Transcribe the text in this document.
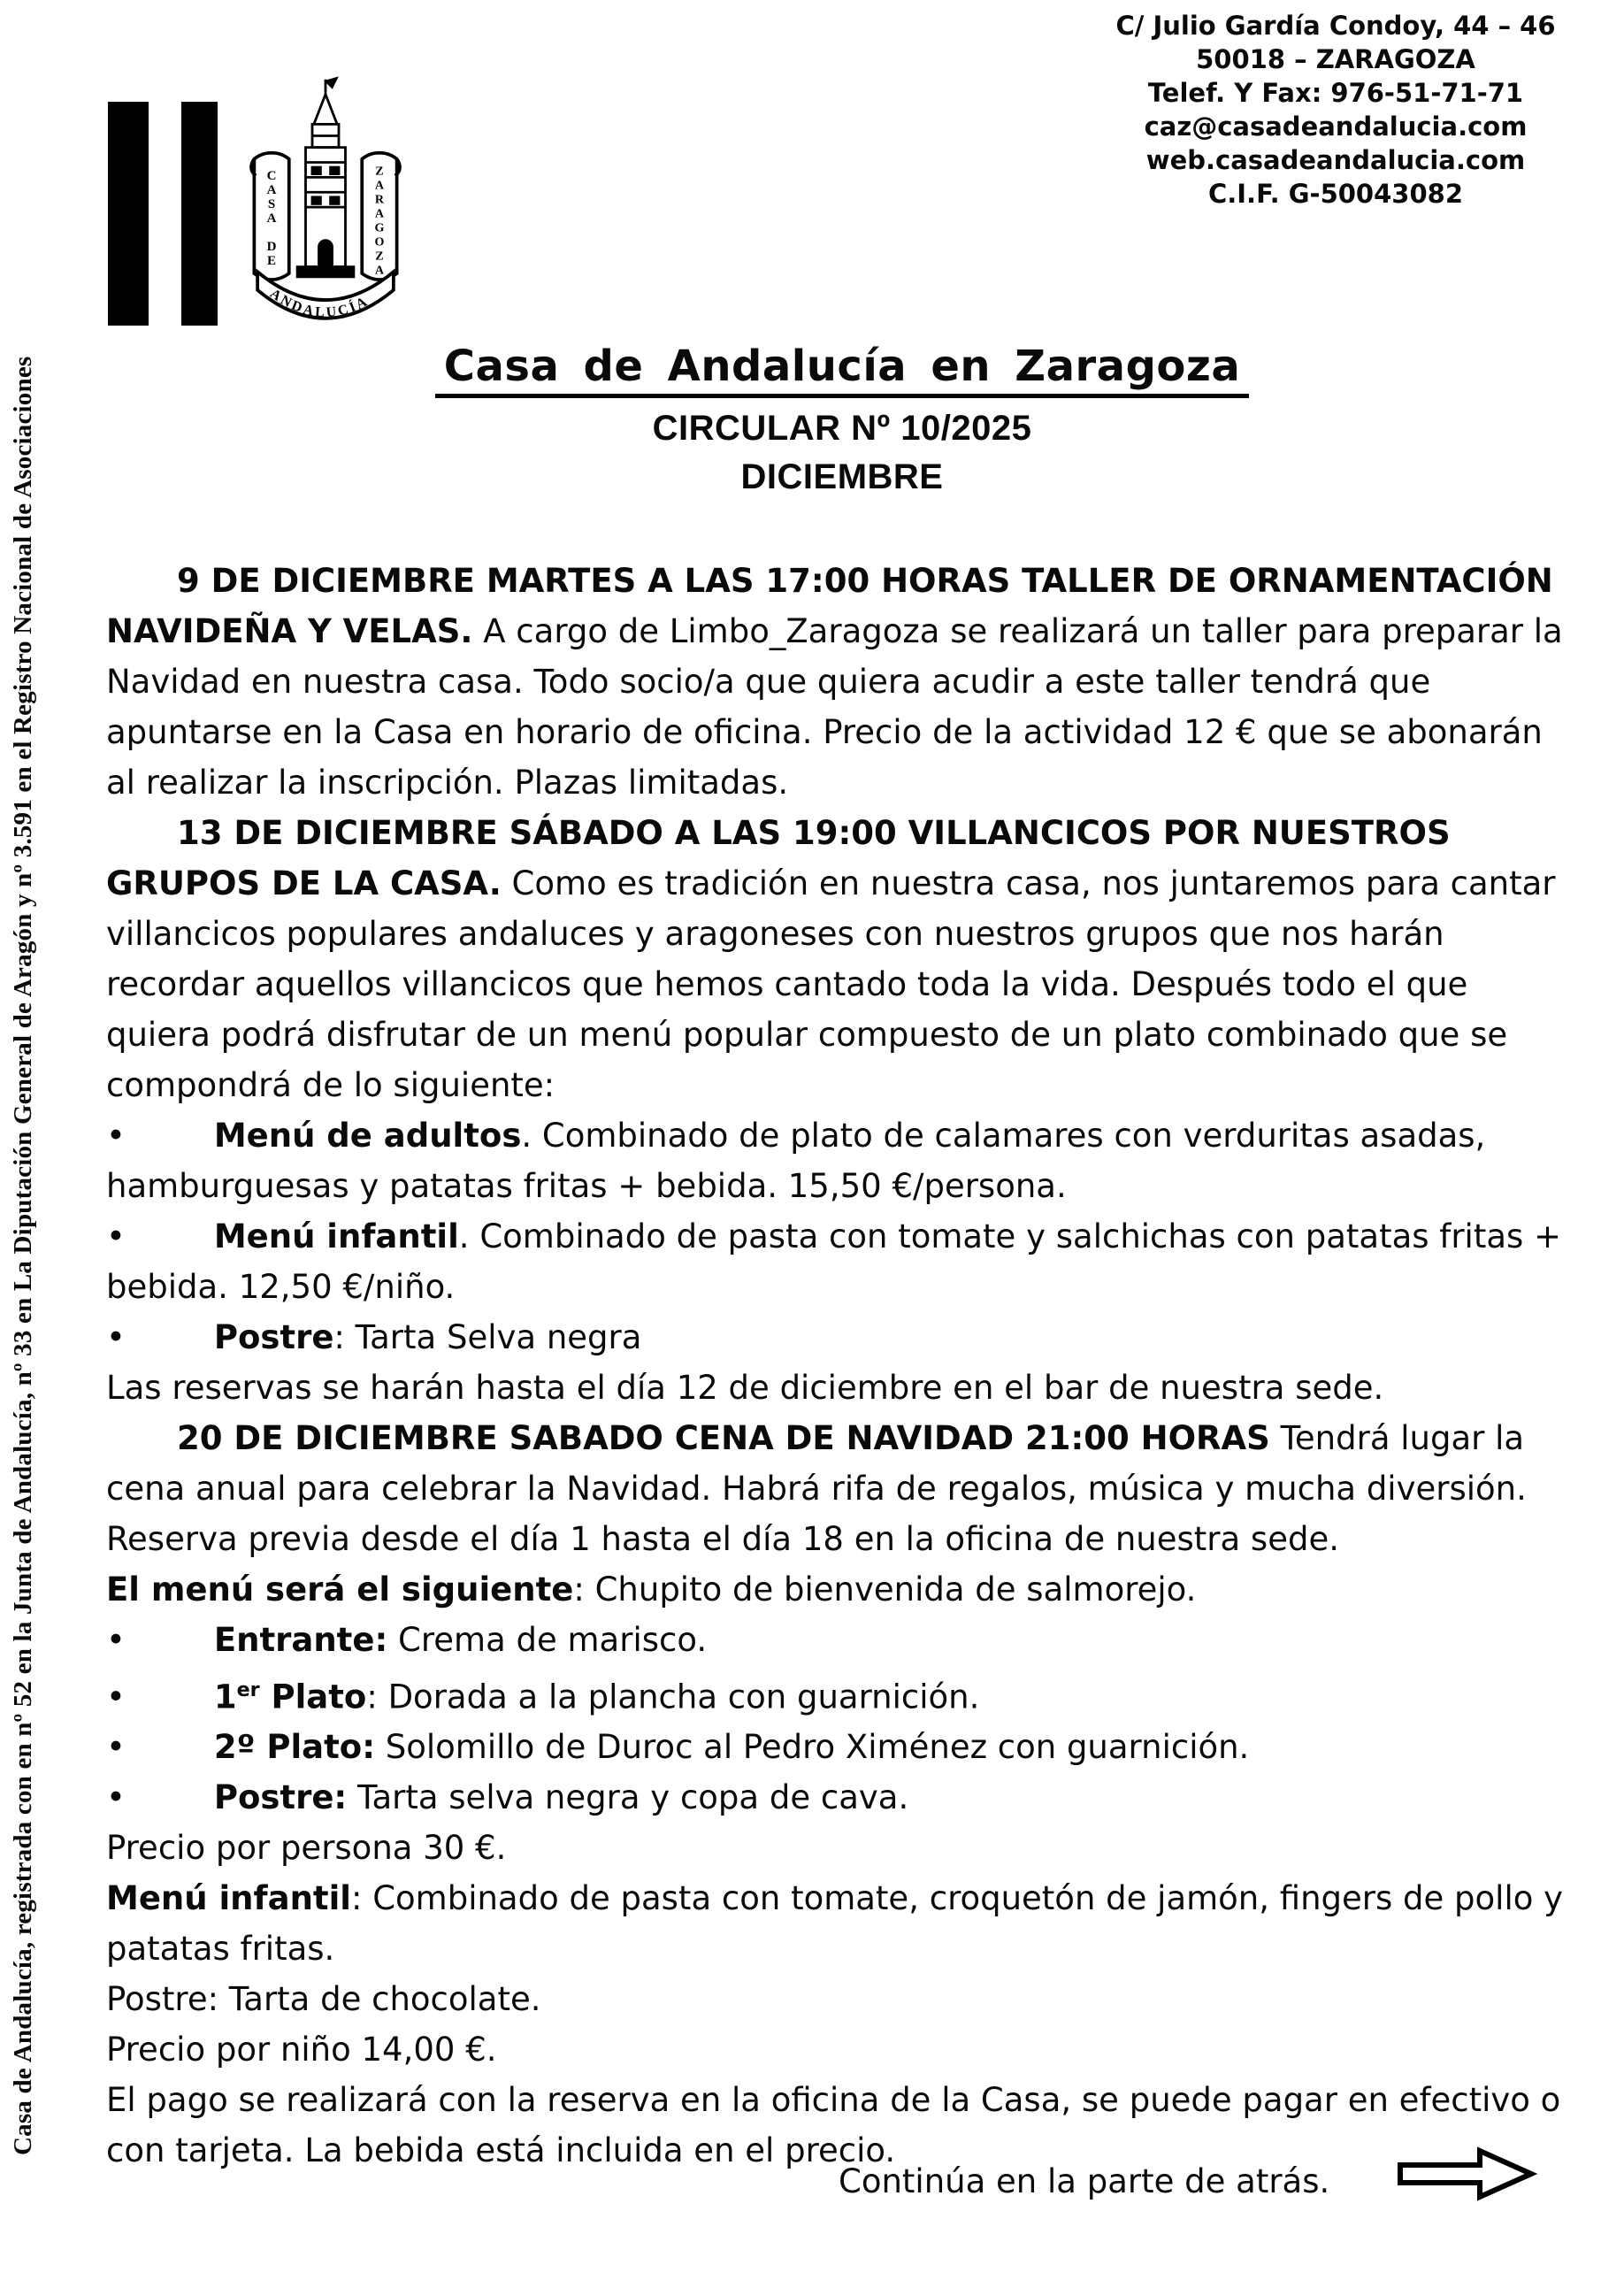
Casa de Andalucía, registrada con en nº 52 en la Junta de Andalucía, nº 33 en La Diputación General de Aragón y nº 3.591 en el Registro Nacional de Asociaciones
CASA DE	ZARAGOZA
ANDALUCÍA
C/ Julio Gardía Condoy, 44 – 46
50018 – ZARAGOZA
Telef. Y Fax: 976-51-71-71
caz@casadeandalucia.com
web.casadeandalucia.com
C.I.F. G-50043082
Casa de Andalucía en Zaragoza
CIRCULAR Nº 10/2025
DICIEMBRE

9 DE DICIEMBRE MARTES A LAS 17:00 HORAS TALLER DE ORNAMENTACIÓN NAVIDEÑA Y VELAS. A cargo de Limbo_Zaragoza se realizará un taller para preparar la Navidad en nuestra casa. Todo socio/a que quiera acudir a este taller tendrá que apuntarse en la Casa en horario de oficina. Precio de la actividad 12 € que se abonarán al realizar la inscripción. Plazas limitadas.

13 DE DICIEMBRE SÁBADO A LAS 19:00 VILLANCICOS POR NUESTROS GRUPOS DE LA CASA. Como es tradición en nuestra casa, nos juntaremos para cantar villancicos populares andaluces y aragoneses con nuestros grupos que nos harán recordar aquellos villancicos que hemos cantado toda la vida. Después todo el que quiera podrá disfrutar de un menú popular compuesto de un plato combinado que se compondrá de lo siguiente:

•	Menú de adultos. Combinado de plato de calamares con verduritas asadas, hamburguesas y patatas fritas + bebida. 15,50 €/persona.

•	Menú infantil. Combinado de pasta con tomate y salchichas con patatas fritas + bebida. 12,50 €/niño.

•	Postre: Tarta Selva negra

Las reservas se harán hasta el día 12 de diciembre en el bar de nuestra sede.

20 DE DICIEMBRE SABADO CENA DE NAVIDAD 21:00 HORAS Tendrá lugar la cena anual para celebrar la Navidad. Habrá rifa de regalos, música y mucha diversión. Reserva previa desde el día 1 hasta el día 18 en la oficina de nuestra sede.

El menú será el siguiente: Chupito de bienvenida de salmorejo.

•	Entrante: Crema de marisco.

•	1er Plato: Dorada a la plancha con guarnición.

•	2º Plato: Solomillo de Duroc al Pedro Ximénez con guarnición.

•	Postre: Tarta selva negra y copa de cava.

Precio por persona 30 €.

Menú infantil: Combinado de pasta con tomate, croquetón de jamón, fingers de pollo y patatas fritas.

Postre: Tarta de chocolate.

Precio por niño 14,00 €.

El pago se realizará con la reserva en la oficina de la Casa, se puede pagar en efectivo o con tarjeta. La bebida está incluida en el precio.

Continúa en la parte de atrás.
